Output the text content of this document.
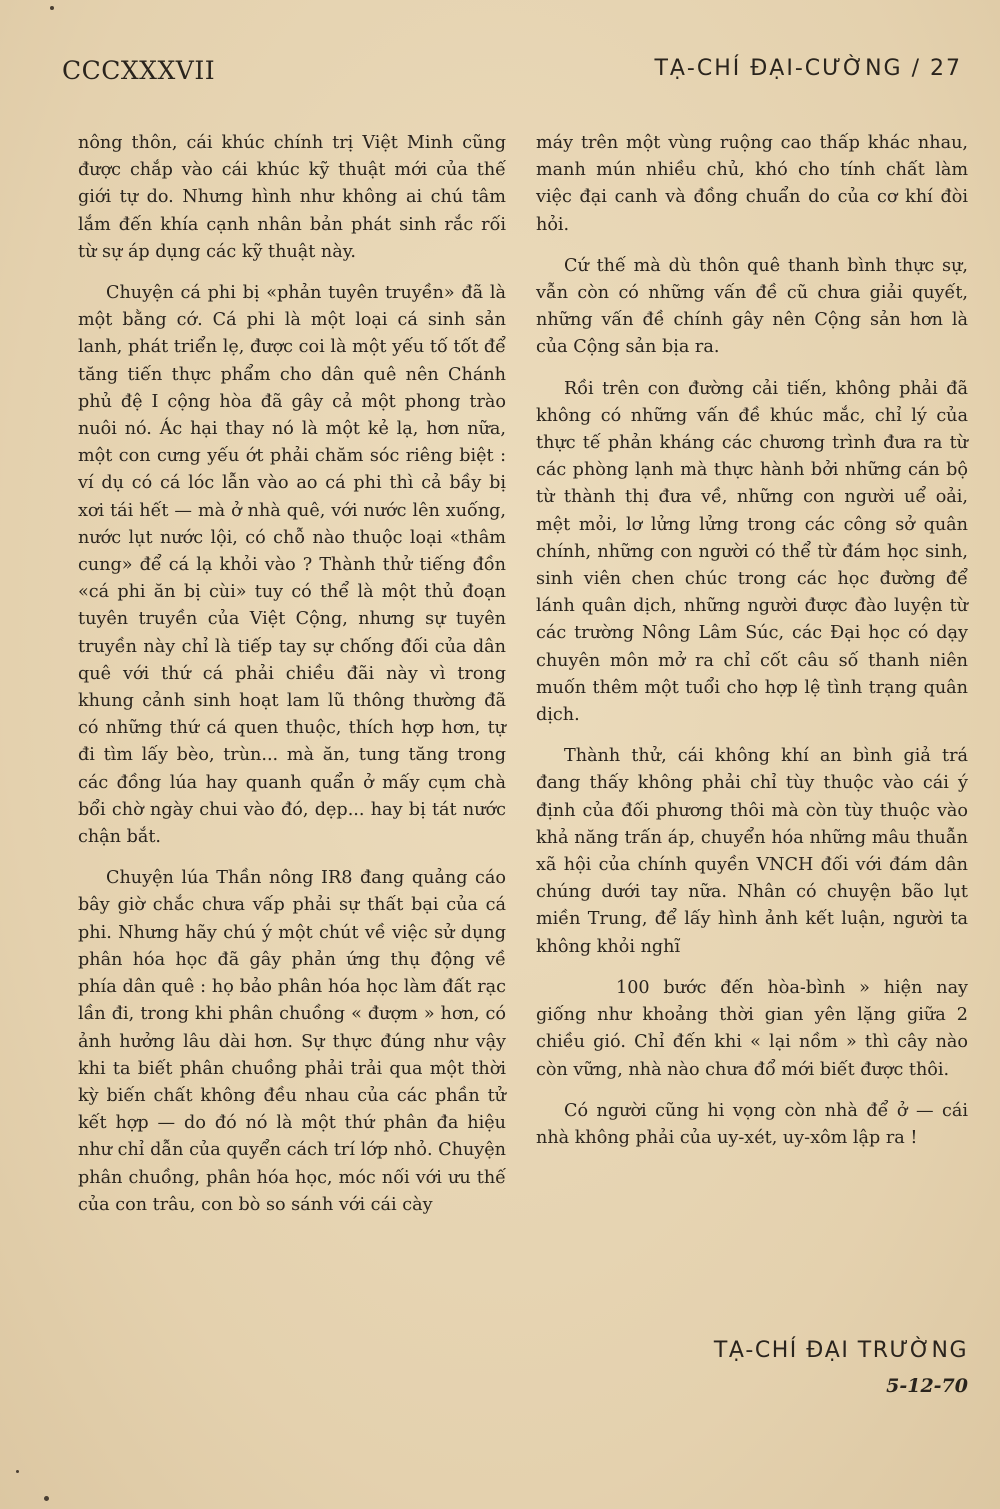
CCCXXXVII	TẠ-CHÍ ĐẠI-CƯỜNG / 27

nông thôn, cái khúc chính trị Việt Minh cũng được chắp vào cái khúc kỹ thuật mới của thế giới tự do. Nhưng hình như không ai chú tâm lắm đến khía cạnh nhân bản phát sinh rắc rối từ sự áp dụng các kỹ thuật này.

Chuyện cá phi bị «phản tuyên truyền» đã là một bằng cớ. Cá phi là một loại cá sinh sản lanh, phát triển lẹ, được coi là một yếu tố tốt để tăng tiến thực phẩm cho dân quê nên Chánh phủ đệ I cộng hòa đã gây cả một phong trào nuôi nó. Ác hại thay nó là một kẻ lạ, hơn nữa, một con cưng yếu ớt phải chăm sóc riêng biệt : ví dụ có cá lóc lẫn vào ao cá phi thì cả bầy bị xơi tái hết — mà ở nhà quê, với nước lên xuống, nước lụt nước lội, có chỗ nào thuộc loại «thâm cung» để cá lạ khỏi vào ? Thành thử tiếng đồn «cá phi ăn bị cùi» tuy có thể là một thủ đoạn tuyên truyền của Việt Cộng, nhưng sự tuyên truyền này chỉ là tiếp tay sự chống đối của dân quê với thứ cá phải chiều đãi này vì trong khung cảnh sinh hoạt lam lũ thông thường đã có những thứ cá quen thuộc, thích hợp hơn, tự đi tìm lấy bèo, trùn... mà ăn, tung tăng trong các đồng lúa hay quanh quẩn ở mấy cụm chà bổi chờ ngày chui vào đó, dẹp... hay bị tát nước chận bắt.

Chuyện lúa Thần nông IR8 đang quảng cáo bây giờ chắc chưa vấp phải sự thất bại của cá phi. Nhưng hãy chú ý một chút về việc sử dụng phân hóa học đã gây phản ứng thụ động về phía dân quê : họ bảo phân hóa học làm đất rạc lần đi, trong khi phân chuồng « đượm » hơn, có ảnh hưởng lâu dài hơn. Sự thực đúng như vậy khi ta biết phân chuồng phải trải qua một thời kỳ biến chất không đều nhau của các phần tử kết hợp — do đó nó là một thứ phân đa hiệu như chỉ dẫn của quyển cách trí lớp nhỏ. Chuyện phân chuồng, phân hóa học, móc nối với ưu thế của con trâu, con bò so sánh với cái cày

máy trên một vùng ruộng cao thấp khác nhau, manh mún nhiều chủ, khó cho tính chất làm việc đại canh và đồng chuẩn do của cơ khí đòi hỏi.

Cứ thế mà dù thôn quê thanh bình thực sự, vẫn còn có những vấn đề cũ chưa giải quyết, những vấn đề chính gây nên Cộng sản hơn là của Cộng sản bịa ra.

Rồi trên con đường cải tiến, không phải đã không có những vấn đề khúc mắc, chỉ lý của thực tế phản kháng các chương trình đưa ra từ các phòng lạnh mà thực hành bởi những cán bộ từ thành thị đưa về, những con người uể oải, mệt mỏi, lơ lửng lửng trong các công sở quân chính, những con người có thể từ đám học sinh, sinh viên chen chúc trong các học đường để lánh quân dịch, những người được đào luyện từ các trường Nông Lâm Súc, các Đại học có dạy chuyên môn mở ra chỉ cốt câu số thanh niên muốn thêm một tuổi cho hợp lệ tình trạng quân dịch.

Thành thử, cái không khí an bình giả trá đang thấy không phải chỉ tùy thuộc vào cái ý định của đối phương thôi mà còn tùy thuộc vào khả năng trấn áp, chuyển hóa những mâu thuẫn xã hội của chính quyền VNCH đối với đám dân chúng dưới tay nữa. Nhân có chuyện bão lụt miền Trung, để lấy hình ảnh kết luận, người ta không khỏi nghĩ

100 bước đến hòa-bình » hiện nay giống như khoảng thời gian yên lặng giữa 2 chiều gió. Chỉ đến khi « lại nồm » thì cây nào còn vững, nhà nào chưa đổ mới biết được thôi.

Có người cũng hi vọng còn nhà để ở — cái nhà không phải của uy-xét, uy-xôm lập ra !

TẠ-CHÍ ĐẠI TRƯỜNG
5-12-70
